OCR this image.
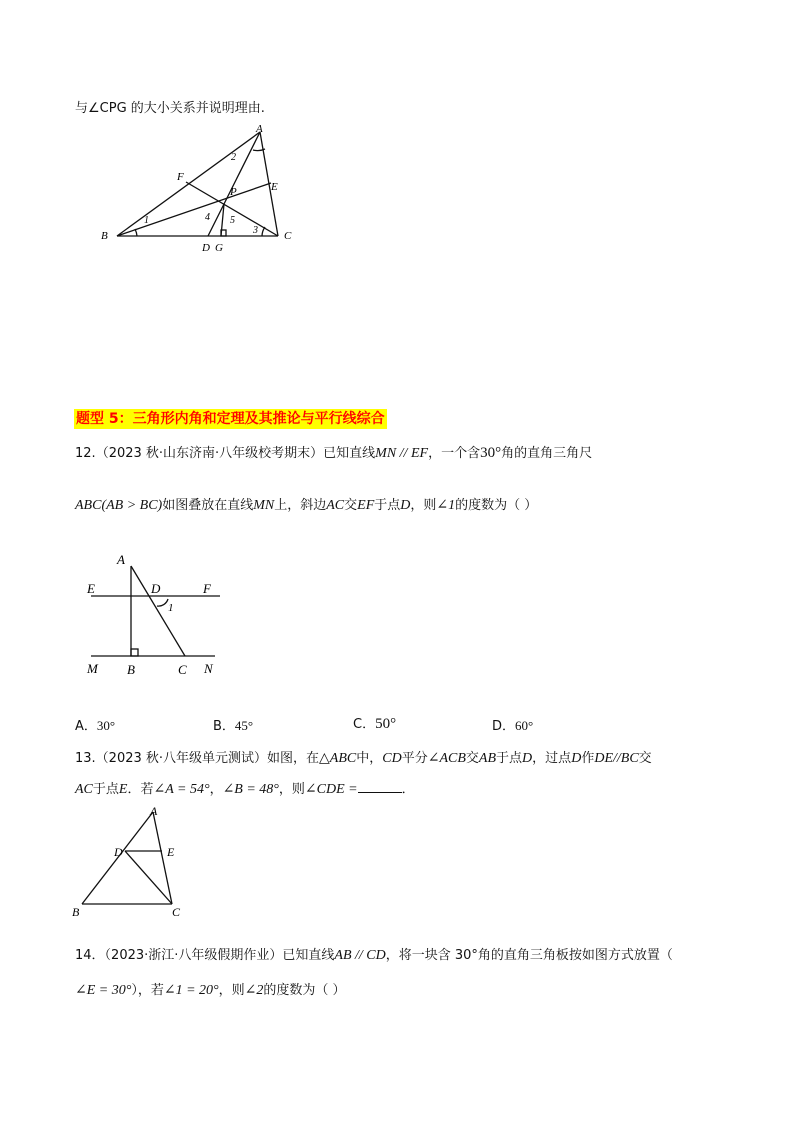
与∠CPG 的大小关系并说明理由.
A
B	C
D G
E
F
P
1
2
3
4 5
题型 5：三角形内角和定理及其推论与平行线综合
12.（2023 秋·山东济南·八年级校考期末）已知直线MN // EF，一个含30°角的直角三角尺
ABC(AB > BC)如图叠放在直线MN上，斜边AC交EF于点D，则∠1的度数为（ ）
A
E	D	F
1
M B	C N
A．30°	B．45°	C．50°	D．60°
13.（2023 秋·八年级单元测试）如图，在△ABC中，CD平分∠ACB交AB于点D，过点D作DE//BC交
AC于点E．若∠A = 54°，∠B = 48°，则∠CDE =	．
A
D	E
B	C
14．（2023·浙江·八年级假期作业）已知直线AB // CD，将一块含 30°角的直角三角板按如图方式放置（
∠E = 30°），若∠1 = 20°，则∠2的度数为（ ）
